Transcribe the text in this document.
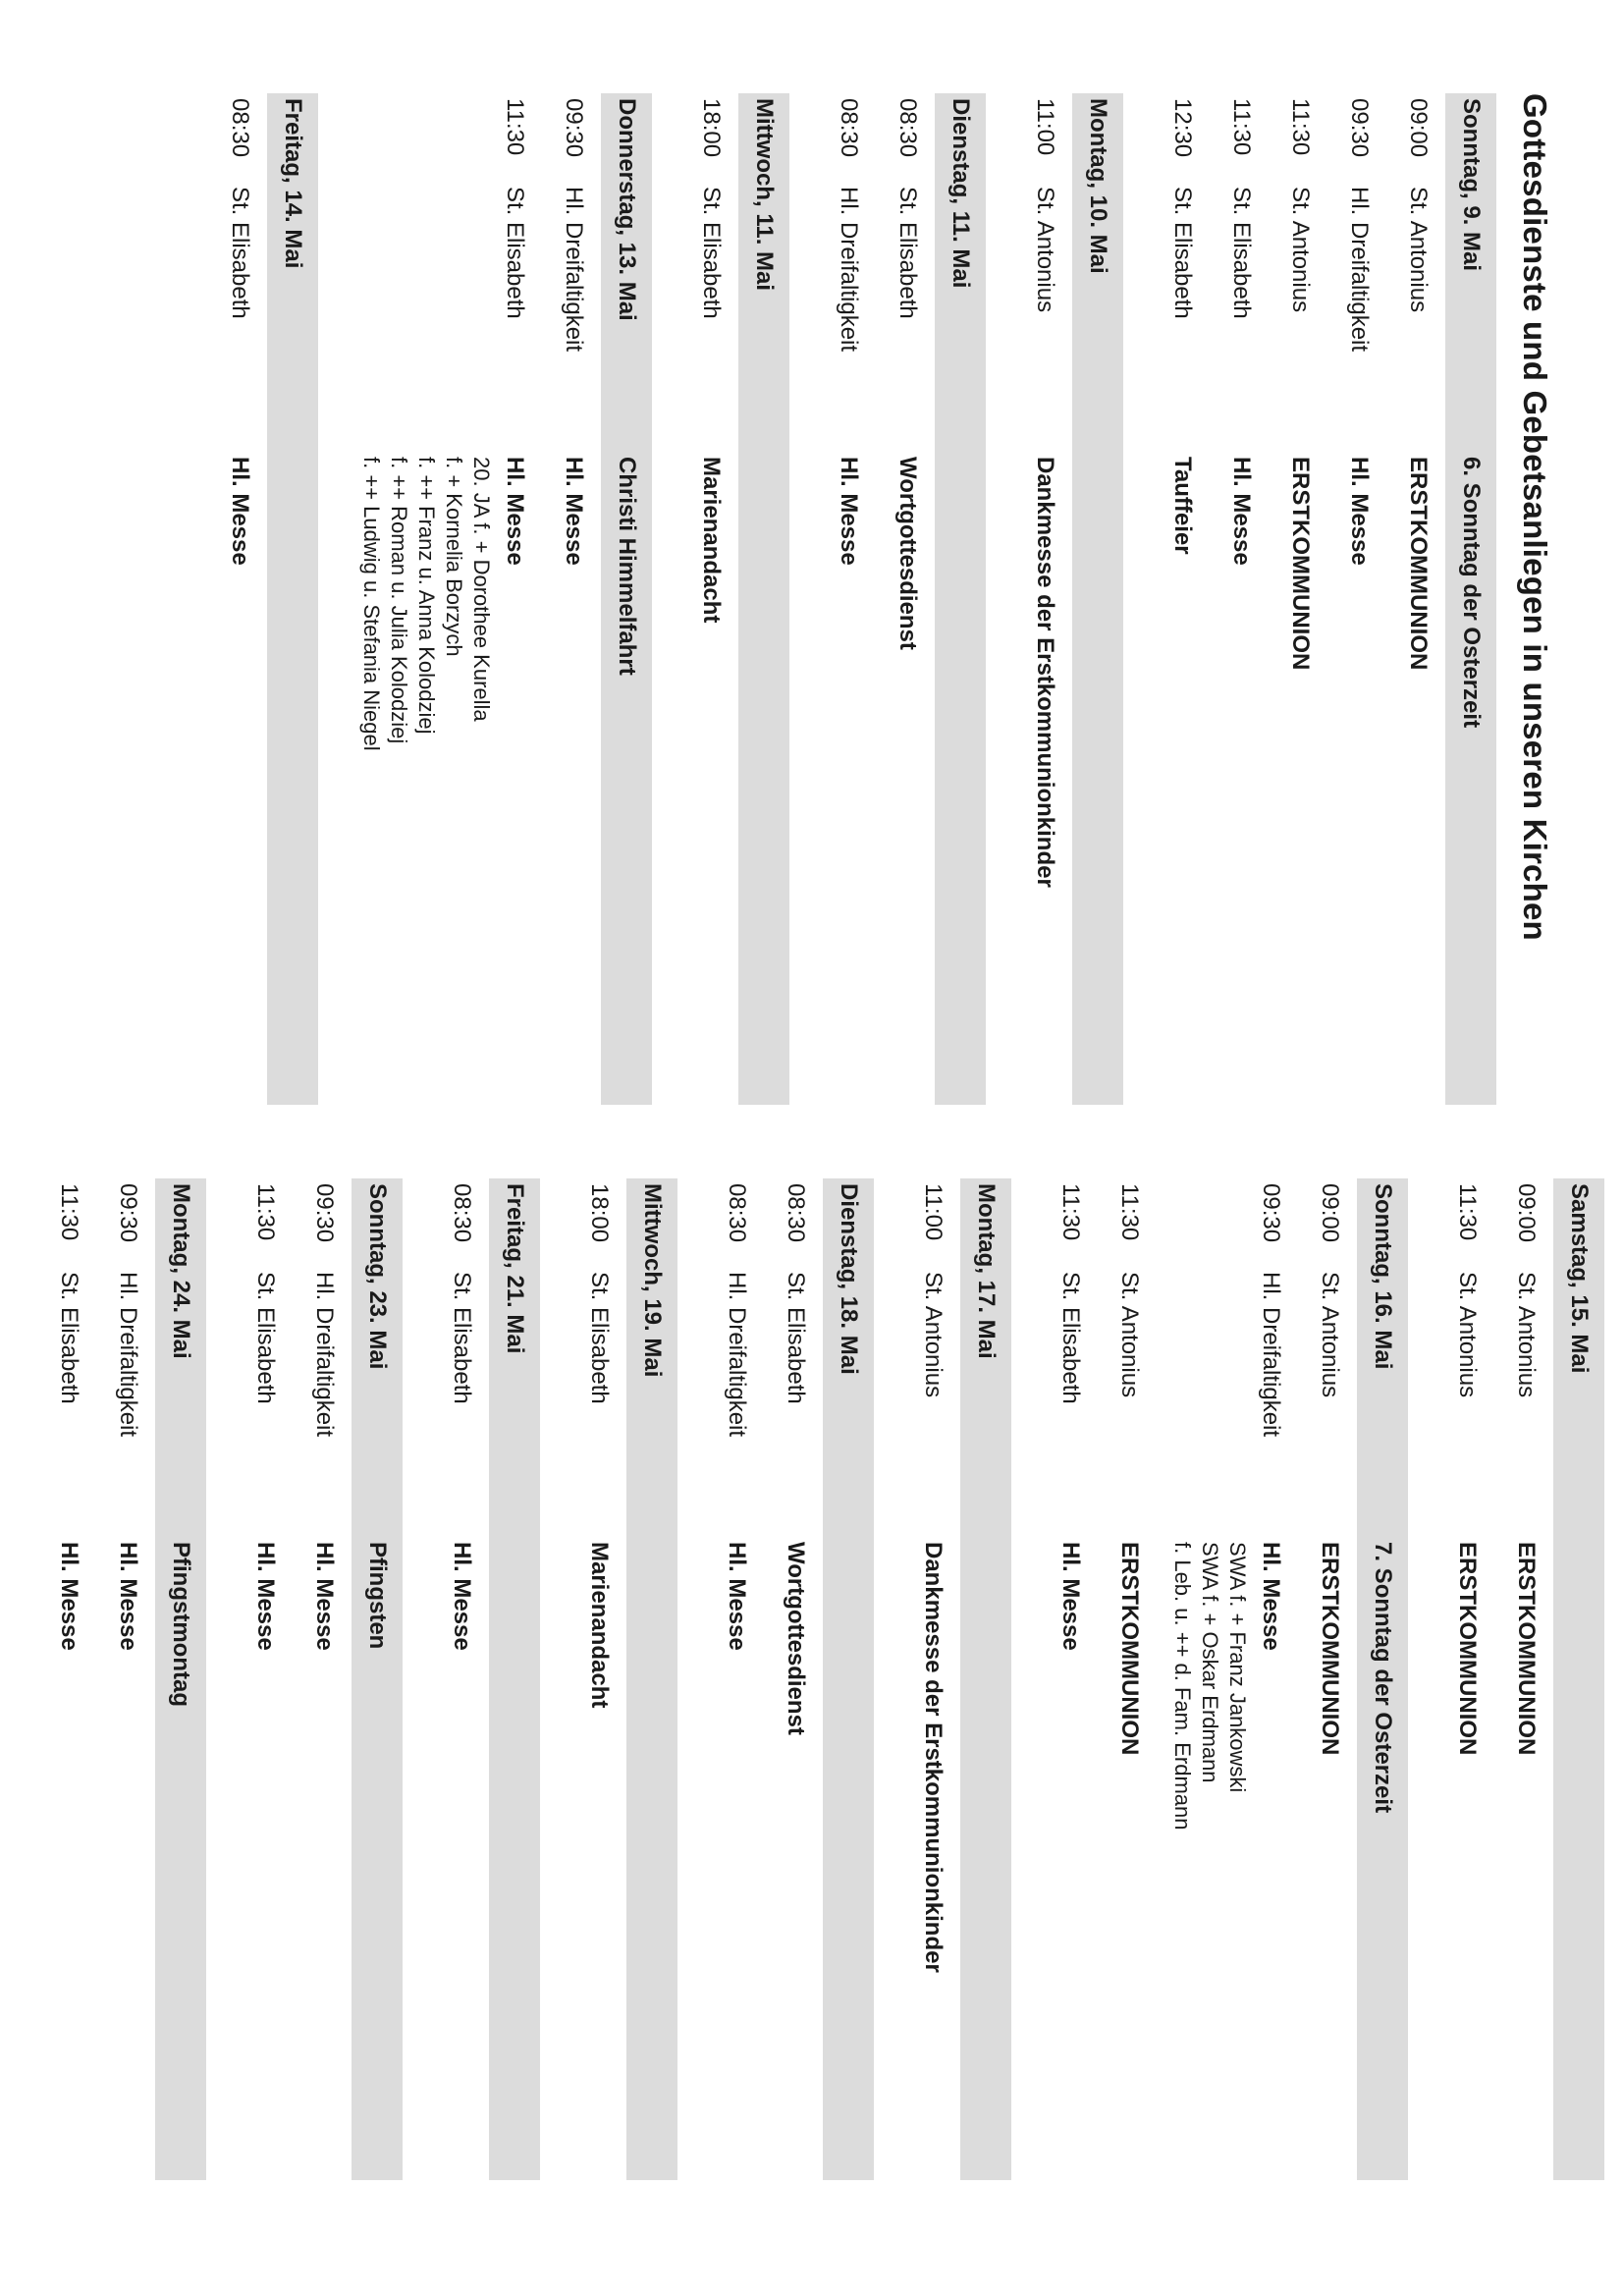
Gottesdienste und Gebetsanliegen in unseren Kirchen
Sonntag, 9. Mai
6. Sonntag der Osterzeit
09:00
St. Antonius
ERSTKOMMUNION
09:30
Hl. Dreifaltigkeit
Hl. Messe
11:30
St. Antonius
ERSTKOMMUNION
11:30
St. Elisabeth
Hl. Messe
12:30
St. Elisabeth
Tauffeier
Montag, 10. Mai
11:00
St. Antonius
Dankmesse der Erstkommunionkinder
Dienstag, 11. Mai
08:30
St. Elisabeth
Wortgottesdienst
08:30
Hl. Dreifaltigkeit
Hl. Messe
Mittwoch, 11. Mai
18:00
St. Elisabeth
Marienandacht
Donnerstag, 13. Mai
Christi Himmelfahrt
09:30
Hl. Dreifaltigkeit
Hl. Messe
11:30
St. Elisabeth
Hl. Messe
20. JA f. + Dorothee Kurella
f. + Kornelia Borzych
f. ++ Franz u. Anna Kolodziej
f. ++ Roman u. Julia Kolodziej
f. ++ Ludwig u. Stefania Niegel
Freitag, 14. Mai
08:30
St. Elisabeth
Hl. Messe
Samstag, 15. Mai
09:00
St. Antonius
ERSTKOMMUNION
11:30
St. Antonius
ERSTKOMMUNION
Sonntag, 16. Mai
7. Sonntag der Osterzeit
09:00
St. Antonius
ERSTKOMMUNION
09:30
Hl. Dreifaltigkeit
Hl. Messe
SWA f. + Franz Jankowski
SWA f. + Oskar Erdmann
f. Leb. u. ++ d. Fam. Erdmann
11:30
St. Antonius
ERSTKOMMUNION
11:30
St. Elisabeth
Hl. Messe
Montag, 17. Mai
11:00
St. Antonius
Dankmesse der Erstkommunionkinder
Dienstag, 18. Mai
08:30
St. Elisabeth
Wortgottesdienst
08:30
Hl. Dreifaltigkeit
Hl. Messe
Mittwoch, 19. Mai
18:00
St. Elisabeth
Marienandacht
Freitag, 21. Mai
08:30
St. Elisabeth
Hl. Messe
Sonntag, 23. Mai
Pfingsten
09:30
Hl. Dreifaltigkeit
Hl. Messe
11:30
St. Elisabeth
Hl. Messe
Montag, 24. Mai
Pfingstmontag
09:30
Hl. Dreifaltigkeit
Hl. Messe
11:30
St. Elisabeth
Hl. Messe
